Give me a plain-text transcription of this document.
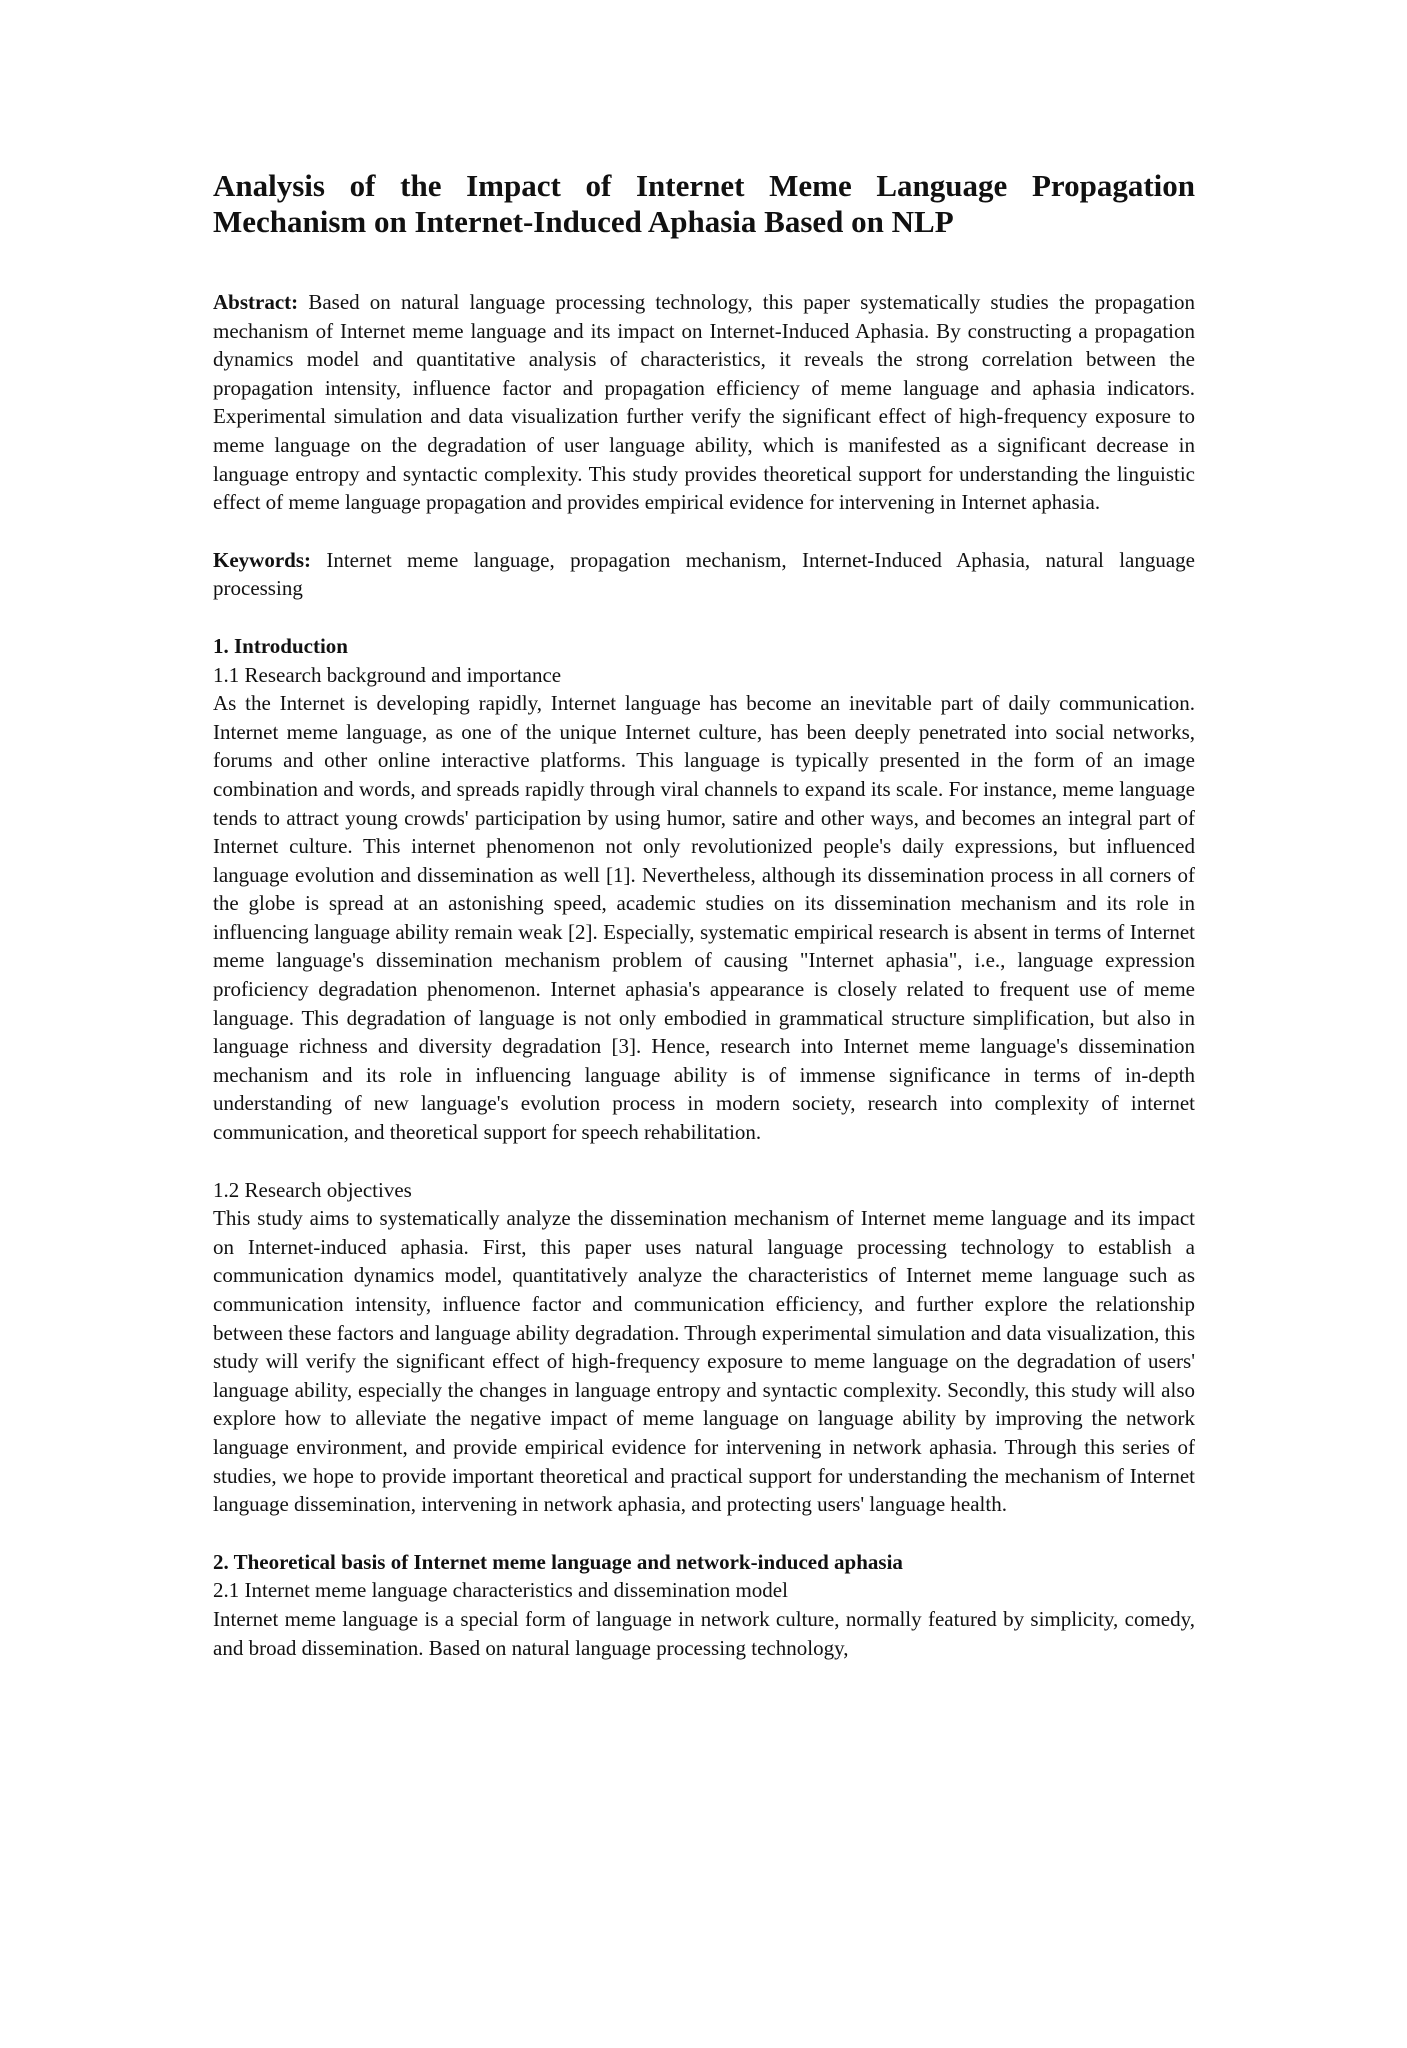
Analysis of the Impact of Internet Meme Language Propagation
Mechanism on Internet-Induced Aphasia Based on NLP

Abstract: Based on natural language processing technology, this paper systematically studies the propagation mechanism of Internet meme language and its impact on Internet-Induced Aphasia. By constructing a propagation dynamics model and quantitative analysis of characteristics, it reveals the strong correlation between the propagation intensity, influence factor and propagation efficiency of meme language and aphasia indicators. Experimental simulation and data visualization further verify the significant effect of high-frequency exposure to meme language on the degradation of user language ability, which is manifested as a significant decrease in language entropy and syntactic complexity. This study provides theoretical support for understanding the linguistic effect of meme language propagation and provides empirical evidence for intervening in Internet aphasia.

Keywords: Internet meme language, propagation mechanism, Internet-Induced Aphasia, natural language processing

1. Introduction
1.1 Research background and importance

As the Internet is developing rapidly, Internet language has become an inevitable part of daily communication. Internet meme language, as one of the unique Internet culture, has been deeply penetrated into social networks, forums and other online interactive platforms. This language is typically presented in the form of an image combination and words, and spreads rapidly through viral channels to expand its scale. For instance, meme language tends to attract young crowds' participation by using humor, satire and other ways, and becomes an integral part of Internet culture. This internet phenomenon not only revolutionized people's daily expressions, but influenced language evolution and dissemination as well [1]. Nevertheless, although its dissemination process in all corners of the globe is spread at an astonishing speed, academic studies on its dissemination mechanism and its role in influencing language ability remain weak [2]. Especially, systematic empirical research is absent in terms of Internet meme language's dissemination mechanism problem of causing "Internet aphasia", i.e., language expression proficiency degradation phenomenon. Internet aphasia's appearance is closely related to frequent use of meme language. This degradation of language is not only embodied in grammatical structure simplification, but also in language richness and diversity degradation [3]. Hence, research into Internet meme language's dissemination mechanism and its role in influencing language ability is of immense significance in terms of in-depth understanding of new language's evolution process in modern society, research into complexity of internet communication, and theoretical support for speech rehabilitation.

1.2 Research objectives

This study aims to systematically analyze the dissemination mechanism of Internet meme language and its impact on Internet-induced aphasia. First, this paper uses natural language processing technology to establish a communication dynamics model, quantitatively analyze the characteristics of Internet meme language such as communication intensity, influence factor and communication efficiency, and further explore the relationship between these factors and language ability degradation. Through experimental simulation and data visualization, this study will verify the significant effect of high-frequency exposure to meme language on the degradation of users' language ability, especially the changes in language entropy and syntactic complexity. Secondly, this study will also explore how to alleviate the negative impact of meme language on language ability by improving the network language environment, and provide empirical evidence for intervening in network aphasia. Through this series of studies, we hope to provide important theoretical and practical support for understanding the mechanism of Internet language dissemination, intervening in network aphasia, and protecting users' language health.

2. Theoretical basis of Internet meme language and network-induced aphasia
2.1 Internet meme language characteristics and dissemination model

Internet meme language is a special form of language in network culture, normally featured by simplicity, comedy, and broad dissemination. Based on natural language processing technology,
